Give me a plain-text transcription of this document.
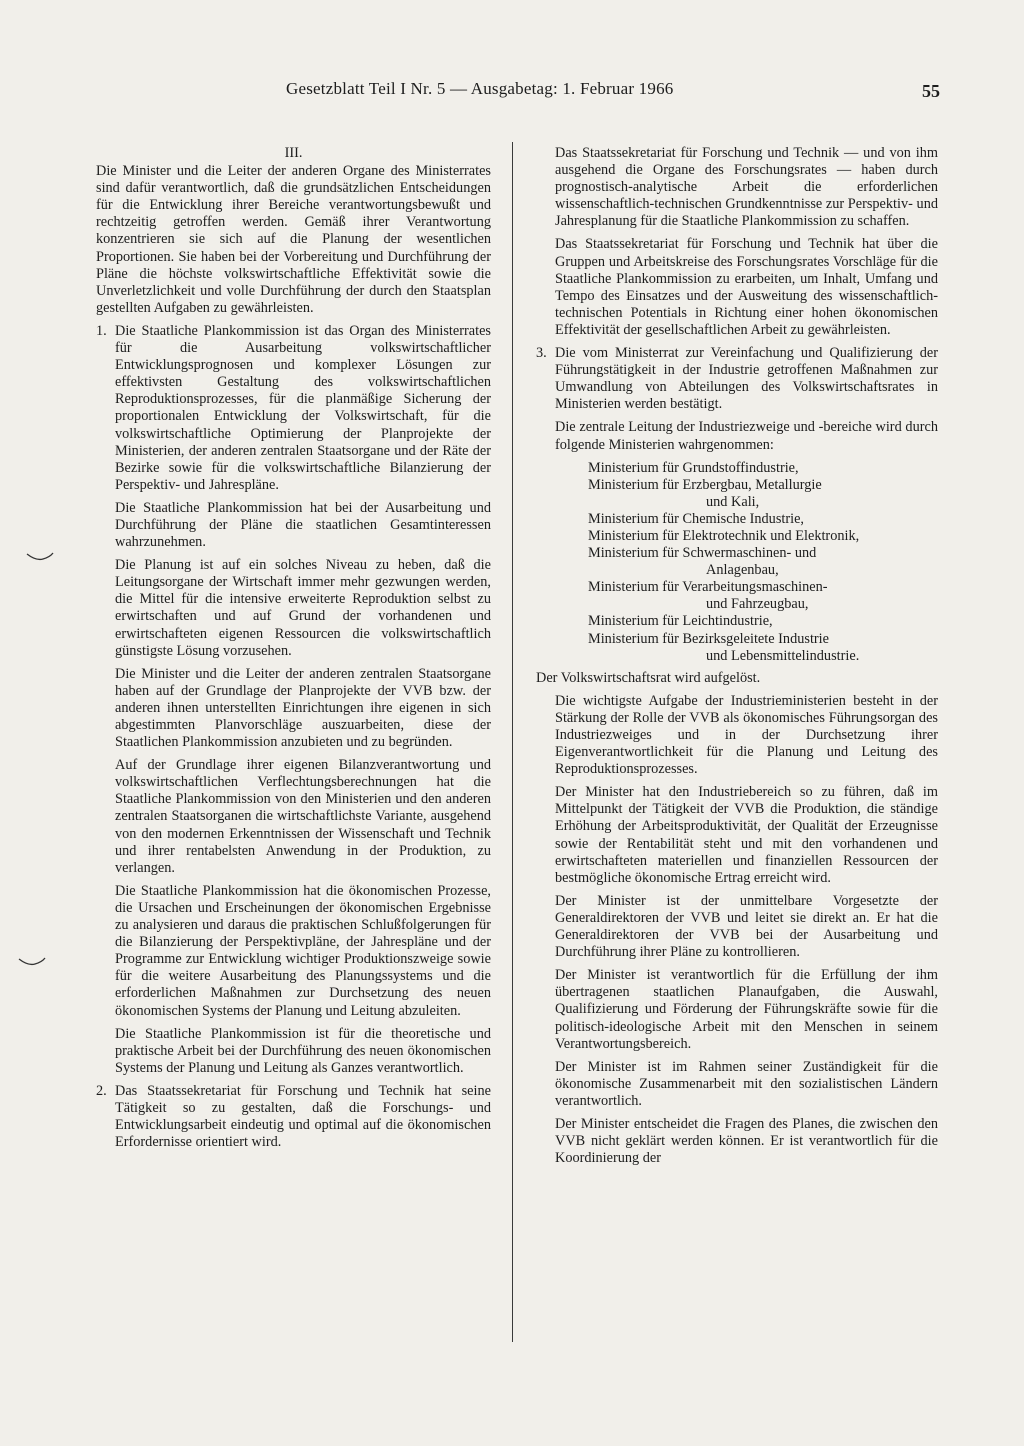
Gesetzblatt Teil I Nr. 5 — Ausgabetag: 1. Februar 1966	55
III.

Die Minister und die Leiter der anderen Organe des Ministerrates sind dafür verantwortlich, daß die grundsätzlichen Entscheidungen für die Entwicklung ihrer Bereiche verantwortungsbewußt und rechtzeitig getroffen werden. Gemäß ihrer Verantwortung konzentrieren sie sich auf die Planung der wesentlichen Proportionen. Sie haben bei der Vorbereitung und Durchführung der Pläne die höchste volkswirtschaftliche Effektivität sowie die Unverletzlichkeit und volle Durchführung der durch den Staatsplan gestellten Aufgaben zu gewährleisten.

1. Die Staatliche Plankommission ist das Organ des Ministerrates für die Ausarbeitung volkswirtschaftlicher Entwicklungsprognosen und komplexer Lösungen zur effektivsten Gestaltung des volkswirtschaftlichen Reproduktionsprozesses, für die planmäßige Sicherung der proportionalen Entwicklung der Volkswirtschaft, für die volkswirtschaftliche Optimierung der Planprojekte der Ministerien, der anderen zentralen Staatsorgane und der Räte der Bezirke sowie für die volkswirtschaftliche Bilanzierung der Perspektiv- und Jahrespläne.

Die Staatliche Plankommission hat bei der Ausarbeitung und Durchführung der Pläne die staatlichen Gesamtinteressen wahrzunehmen.

Die Planung ist auf ein solches Niveau zu heben, daß die Leitungsorgane der Wirtschaft immer mehr gezwungen werden, die Mittel für die intensive erweiterte Reproduktion selbst zu erwirtschaften und auf Grund der vorhandenen und erwirtschafteten eigenen Ressourcen die volkswirtschaftlich günstigste Lösung vorzusehen.

Die Minister und die Leiter der anderen zentralen Staatsorgane haben auf der Grundlage der Planprojekte der VVB bzw. der anderen ihnen unterstellten Einrichtungen ihre eigenen in sich abgestimmten Planvorschläge auszuarbeiten, diese der Staatlichen Plankommission anzubieten und zu begründen.

Auf der Grundlage ihrer eigenen Bilanzverantwortung und volkswirtschaftlichen Verflechtungsberechnungen hat die Staatliche Plankommission von den Ministerien und den anderen zentralen Staatsorganen die wirtschaftlichste Variante, ausgehend von den modernen Erkenntnissen der Wissenschaft und Technik und ihrer rentabelsten Anwendung in der Produktion, zu verlangen.

Die Staatliche Plankommission hat die ökonomischen Prozesse, die Ursachen und Erscheinungen der ökonomischen Ergebnisse zu analysieren und daraus die praktischen Schlußfolgerungen für die Bilanzierung der Perspektivpläne, der Jahrespläne und der Programme zur Entwicklung wichtiger Produktionszweige sowie für die weitere Ausarbeitung des Planungssystems und die erforderlichen Maßnahmen zur Durchsetzung des neuen ökonomischen Systems der Planung und Leitung abzuleiten.

Die Staatliche Plankommission ist für die theoretische und praktische Arbeit bei der Durchführung des neuen ökonomischen Systems der Planung und Leitung als Ganzes verantwortlich.

2. Das Staatssekretariat für Forschung und Technik hat seine Tätigkeit so zu gestalten, daß die Forschungs- und Entwicklungsarbeit eindeutig und optimal auf die ökonomischen Erfordernisse orientiert wird.

Das Staatssekretariat für Forschung und Technik — und von ihm ausgehend die Organe des Forschungsrates — haben durch prognostisch-analytische Arbeit die erforderlichen wissenschaftlich-technischen Grundkenntnisse zur Perspektiv- und Jahresplanung für die Staatliche Plankommission zu schaffen.

Das Staatssekretariat für Forschung und Technik hat über die Gruppen und Arbeitskreise des Forschungsrates Vorschläge für die Staatliche Plankommission zu erarbeiten, um Inhalt, Umfang und Tempo des Einsatzes und der Ausweitung des wissenschaftlich-technischen Potentials in Richtung einer hohen ökonomischen Effektivität der gesellschaftlichen Arbeit zu gewährleisten.

3. Die vom Ministerrat zur Vereinfachung und Qualifizierung der Führungstätigkeit in der Industrie getroffenen Maßnahmen zur Umwandlung von Abteilungen des Volkswirtschaftsrates in Ministerien werden bestätigt.

Die zentrale Leitung der Industriezweige und -bereiche wird durch folgende Ministerien wahrgenommen:

Ministerium für Grundstoffindustrie,
Ministerium für Erzbergbau, Metallurgie
und Kali,
Ministerium für Chemische Industrie,
Ministerium für Elektrotechnik und Elektronik,
Ministerium für Schwermaschinen- und
Anlagenbau,
Ministerium für Verarbeitungsmaschinen-
und Fahrzeugbau,
Ministerium für Leichtindustrie,
Ministerium für Bezirksgeleitete Industrie
und Lebensmittelindustrie.

Der Volkswirtschaftsrat wird aufgelöst.

Die wichtigste Aufgabe der Industrieministerien besteht in der Stärkung der Rolle der VVB als ökonomisches Führungsorgan des Industriezweiges und in der Durchsetzung ihrer Eigenverantwortlichkeit für die Planung und Leitung des Reproduktionsprozesses.

Der Minister hat den Industriebereich so zu führen, daß im Mittelpunkt der Tätigkeit der VVB die Produktion, die ständige Erhöhung der Arbeitsproduktivität, der Qualität der Erzeugnisse sowie der Rentabilität steht und mit den vorhandenen und erwirtschafteten materiellen und finanziellen Ressourcen der bestmögliche ökonomische Ertrag erreicht wird.

Der Minister ist der unmittelbare Vorgesetzte der Generaldirektoren der VVB und leitet sie direkt an. Er hat die Generaldirektoren der VVB bei der Ausarbeitung und Durchführung ihrer Pläne zu kontrollieren.

Der Minister ist verantwortlich für die Erfüllung der ihm übertragenen staatlichen Planaufgaben, die Auswahl, Qualifizierung und Förderung der Führungskräfte sowie für die politisch-ideologische Arbeit mit den Menschen in seinem Verantwortungsbereich.

Der Minister ist im Rahmen seiner Zuständigkeit für die ökonomische Zusammenarbeit mit den sozialistischen Ländern verantwortlich.

Der Minister entscheidet die Fragen des Planes, die zwischen den VVB nicht geklärt werden können. Er ist verantwortlich für die Koordinierung der
